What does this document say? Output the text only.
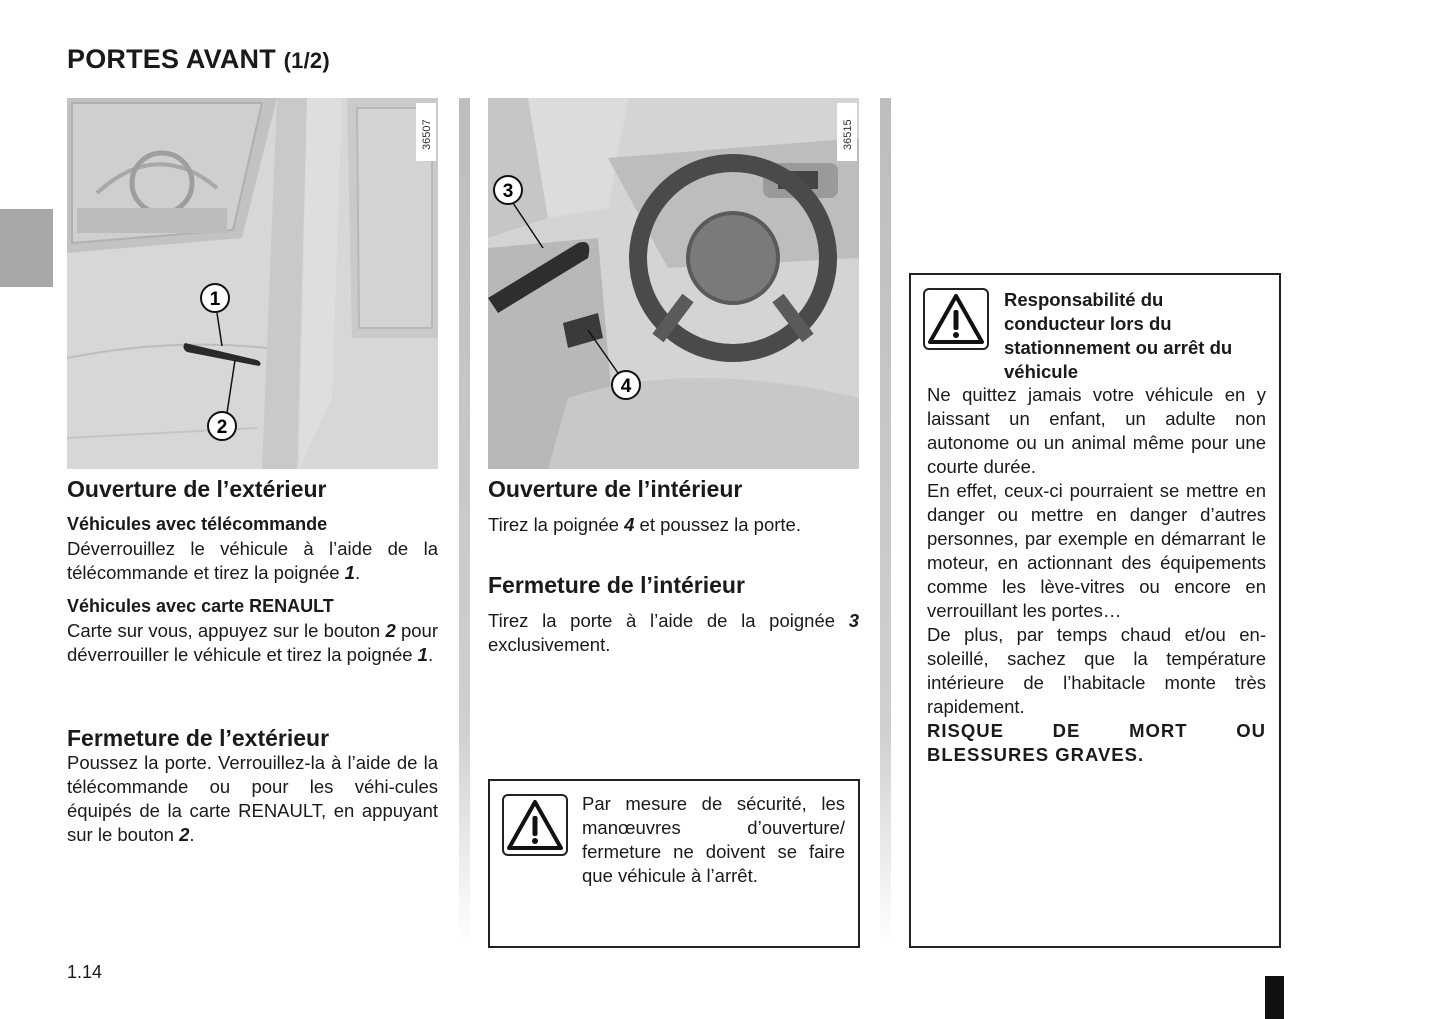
PORTES AVANT (1/2)
1
2
36507
3
4
36515
Ouverture de l’extérieur
Véhicules avec télécommande
Déverrouillez le véhicule à l’aide de la télécommande et tirez la poignée 1.
Véhicules avec carte RENAULT
Carte sur vous, appuyez sur le bouton 2 pour déverrouiller le véhicule et tirez la poignée 1.
Fermeture de l’extérieur
Poussez la porte. Verrouillez-la à l’aide de la télécommande ou pour les véhi-cules équipés de la carte RENAULT, en appuyant sur le bouton 2.
Ouverture de l’intérieur
Tirez la poignée 4 et poussez la porte.
Fermeture de l’intérieur
Tirez la porte à l’aide de la poignée 3 exclusivement.
Par mesure de sécurité, les manœuvres d’ouverture/ fermeture ne doivent se faire que véhicule à l’arrêt.
Responsabilité du conducteur lors du stationnement ou arrêt du véhicule
Ne quittez jamais votre véhicule en y laissant un enfant, un adulte non autonome ou un animal même pour une courte durée.
En effet, ceux-ci pourraient se mettre en danger ou mettre en danger d’autres personnes, par exemple en démarrant le moteur, en actionnant des équipements comme les lève-vitres ou encore en verrouillant les portes…
De plus, par temps chaud et/ou en-soleillé, sachez que la température intérieure de l’habitacle monte très rapidement.
RISQUE DE MORT OU BLESSURES GRAVES.
1.14
